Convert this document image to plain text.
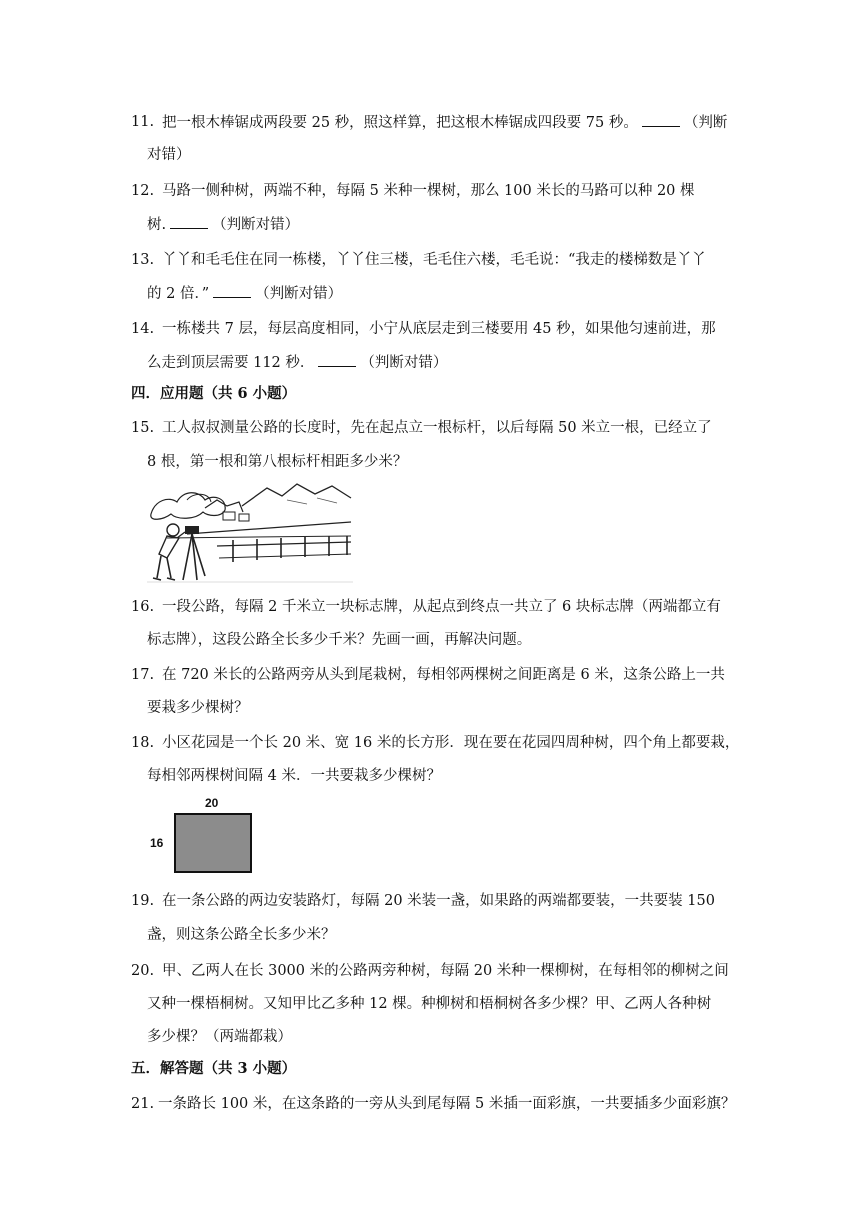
11. 把一根木棒锯成两段要 25 秒，照这样算，把这根木棒锯成四段要 75 秒。	（判断
对错）
12. 马路一侧种树，两端不种，每隔 5 米种一棵树，那么 100 米长的马路可以种 20 棵
树.	（判断对错）
13. 丫丫和毛毛住在同一栋楼，丫丫住三楼，毛毛住六楼，毛毛说：“我走的楼梯数是丫丫
的 2 倍．”	（判断对错）
14. 一栋楼共 7 层，每层高度相同，小宁从底层走到三楼要用 45 秒，如果他匀速前进，那
么走到顶层需要 112 秒．	（判断对错）
四．应用题（共 6 小题）
15. 工人叔叔测量公路的长度时，先在起点立一根标杆，以后每隔 50 米立一根，已经立了
8 根，第一根和第八根标杆相距多少米？
16. 一段公路，每隔 2 千米立一块标志牌，从起点到终点一共立了 6 块标志牌（两端都立有
标志牌），这段公路全长多少千米？先画一画，再解决问题。
17. 在 720 米长的公路两旁从头到尾栽树，每相邻两棵树之间距离是 6 米，这条公路上一共
要栽多少棵树？
18. 小区花园是一个长 20 米、宽 16 米的长方形．现在要在花园四周种树，四个角上都要栽，
每相邻两棵树间隔 4 米．一共要栽多少棵树？
20
16
19. 在一条公路的两边安装路灯，每隔 20 米装一盏，如果路的两端都要装，一共要装 150
盏，则这条公路全长多少米？
20. 甲、乙两人在长 3000 米的公路两旁种树，每隔 20 米种一棵柳树，在每相邻的柳树之间
又种一棵梧桐树。又知甲比乙多种 12 棵。种柳树和梧桐树各多少棵？甲、乙两人各种树
多少棵？（两端都栽）
五．解答题（共 3 小题）
21. 一条路长 100 米，在这条路的一旁从头到尾每隔 5 米插一面彩旗，一共要插多少面彩旗？
